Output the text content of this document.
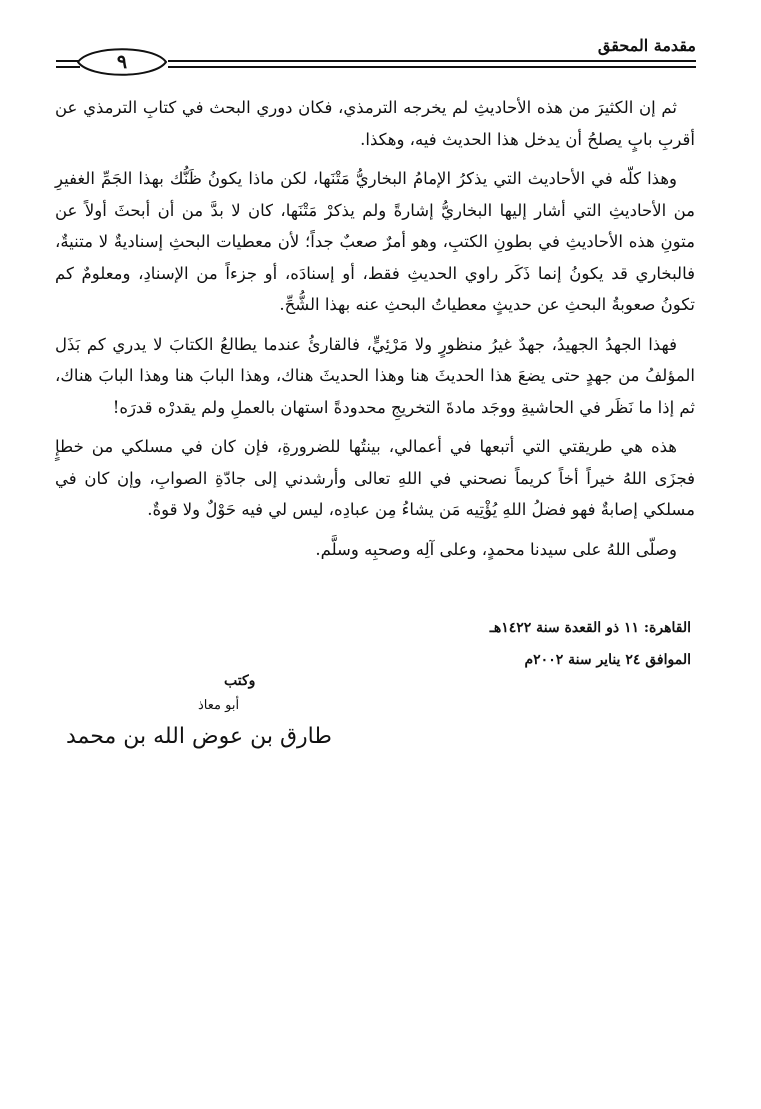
٩
مقدمة المحقق

ثم إن الكثيرَ من هذه الأحاديثِ لم يخرجه الترمذي، فكان دوري البحث في كتابِ الترمذي عن أقربِ بابٍ يصلحُ أن يدخل هذا الحديث فيه، وهكذا.

وهذا كلّه في الأحاديث التي يذكرُ الإمامُ البخاريُّ مَتْنَها، لكن ماذا يكونُ ظَنُّك بهذا الجَمِّ الغفيرِ من الأحاديثِ التي أشار إليها البخاريُّ إشارةً ولم يذكرْ مَتْنَها، كان لا بدَّ من أن أبحثَ أولاً عن متونِ هذه الأحاديثِ في بطونِ الكتبِ، وهو أمرٌ صعبٌ جداً؛ لأن معطيات البحثِ إسناديةٌ لا متنيةٌ، فالبخاري قد يكونُ إنما ذَكَر راوي الحديثِ فقط، أو إسنادَه، أو جزءاً من الإسنادِ، ومعلومٌ كم تكونُ صعوبةُ البحثِ عن حديثٍ معطياتُ البحثِ عنه بهذا الشُّحِّ.

فهذا الجهدُ الجهيدُ، جهدٌ غيرُ منظورٍ ولا مَرْئِيٍّ، فالقارئُ عندما يطالعُ الكتابَ لا يدري كم بَذَل المؤلفُ من جهدٍ حتى يضعَ هذا الحديثَ هنا وهذا الحديثَ هناك، وهذا البابَ هنا وهذا البابَ هناك، ثم إذا ما نَظَر في الحاشيةِ ووجَد مادةَ التخريجِ محدودةً استهان بالعملِ ولم يقدرْه قدرَه!

هذه هي طريقتي التي أتبعها في أعمالي، بينتُها للضرورةِ، فإن كان في مسلكي من خطإٍ فجزَى اللهُ خيراً أخاً كريماً نصحني في اللهِ تعالى وأرشدني إلى جادّةِ الصوابِ، وإن كان في مسلكي إصابةٌ فهو فضلُ اللهِ يُؤْتِيه مَن يشاءُ مِن عبادِه، ليس لي فيه حَوْلٌ ولا قوةٌ.

وصلّى اللهُ على سيدنا محمدٍ، وعلى آلِه وصحبِه وسلَّم.

القاهرة: ١١ ذو القعدة سنة ١٤٢٢هـ
الموافق ٢٤ يناير سنة ٢٠٠٢م
وكتب
أبو معاذ
طارق بن عوض الله بن محمد
